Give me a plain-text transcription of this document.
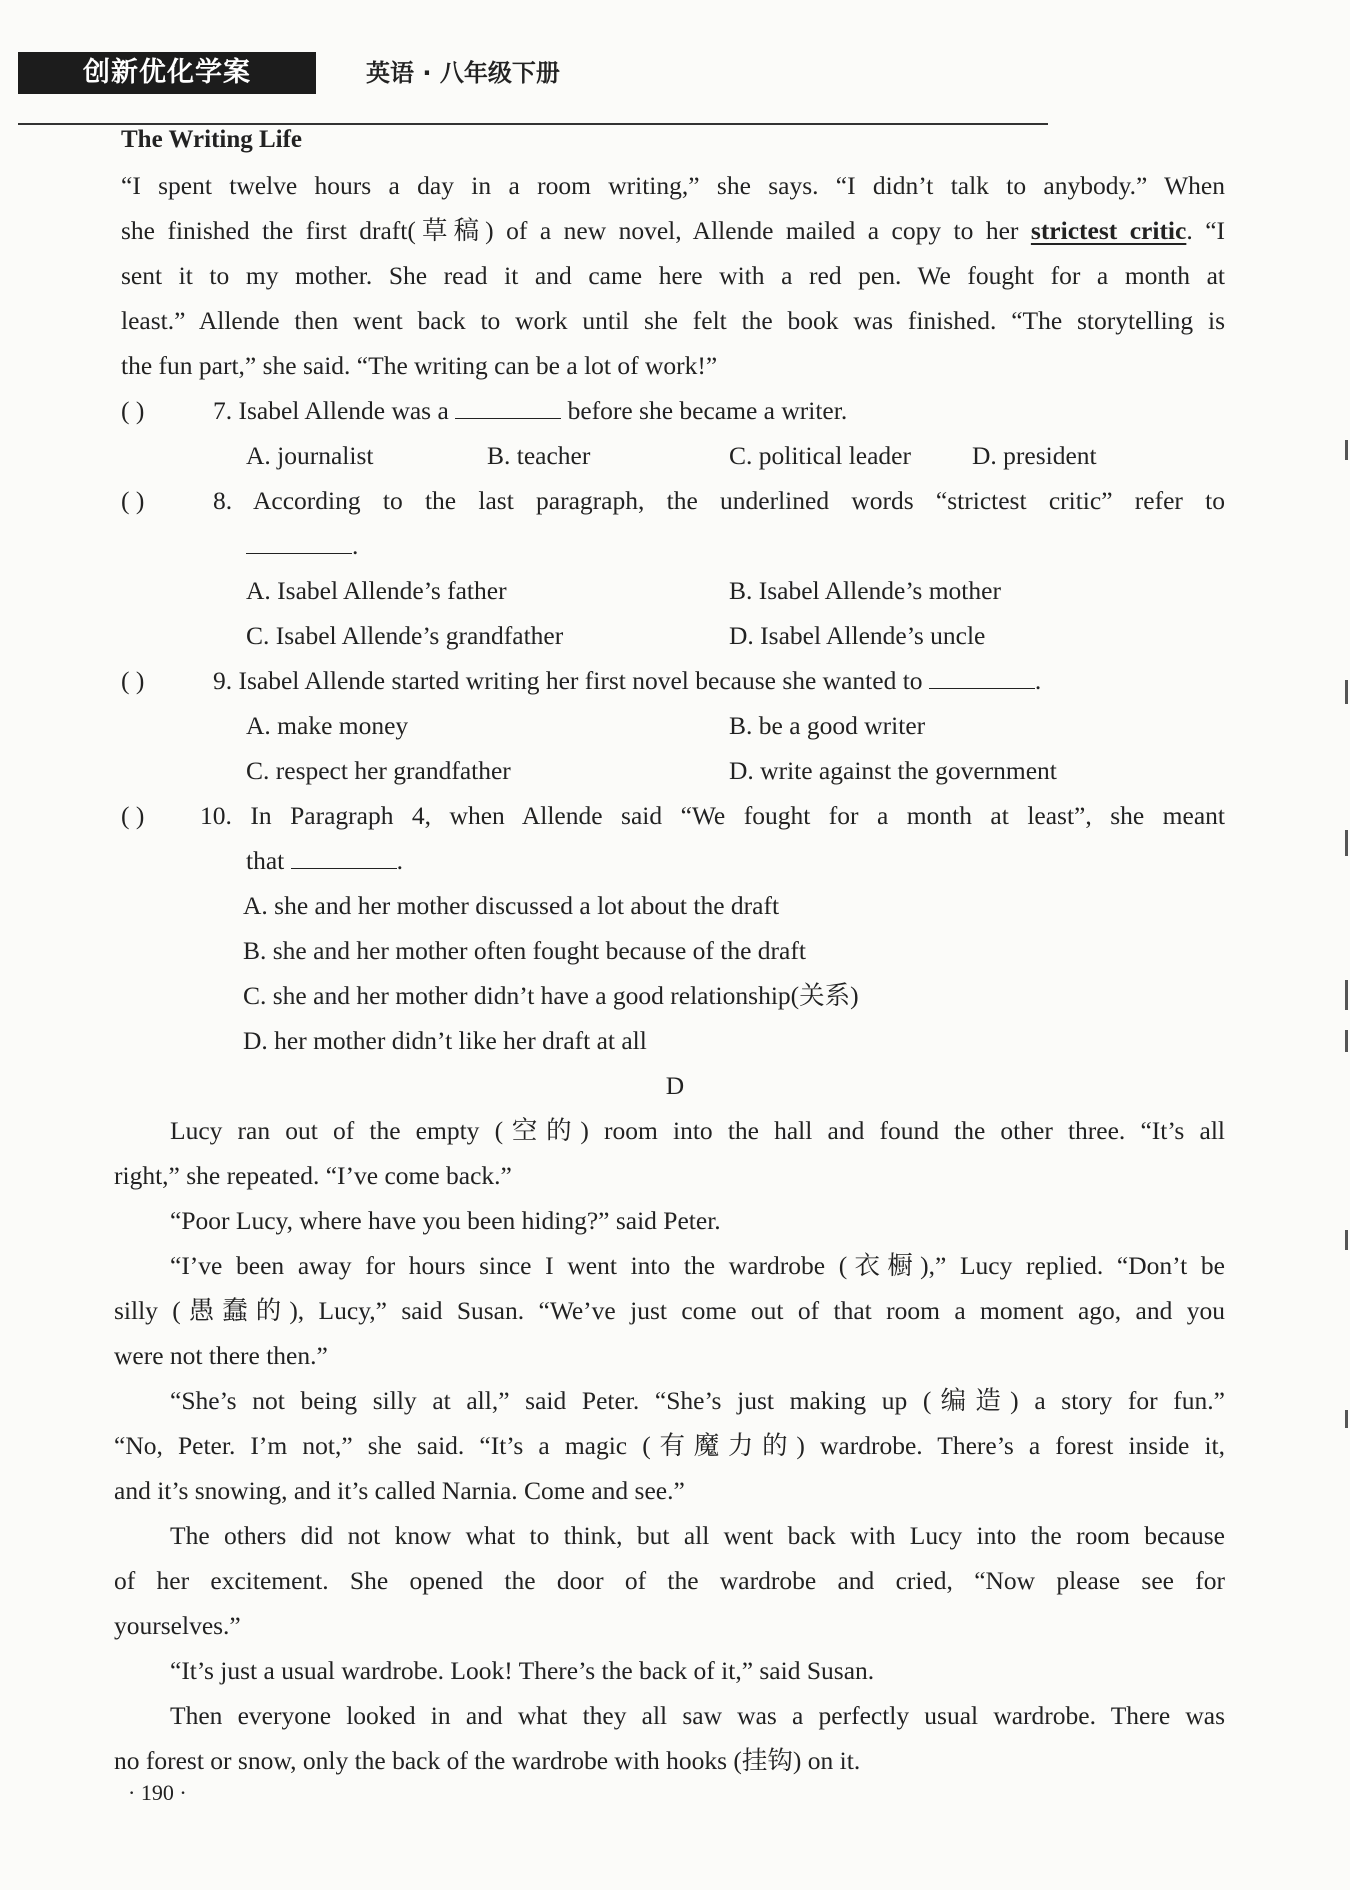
创新优化学案	英语 · 八年级下册
The Writing Life
“I spent twelve hours a day in a room writing,” she says. “I didn’t talk to anybody.” When
she finished the first draft(草稿) of a new novel, Allende mailed a copy to her strictest critic. “I
sent it to my mother. She read it and came here with a red pen. We fought for a month at
least.” Allende then went back to work until she felt the book was finished. “The storytelling is
the fun part,” she said. “The writing can be a lot of work!”
( )	7. Isabel Allende was a	before she became a writer.
A. journalist	B. teacher	C. political leader D. president
( )	8. According to the last paragraph, the underlined words “strictest critic” refer to
.
A. Isabel Allende’s father	B. Isabel Allende’s mother
C. Isabel Allende’s grandfather	D. Isabel Allende’s uncle
( )	9. Isabel Allende started writing her first novel because she wanted to	.
A. make money	B. be a good writer
C. respect her grandfather	D. write against the government
( ) 10. In Paragraph 4, when Allende said “We fought for a month at least”, she meant
that	.
A. she and her mother discussed a lot about the draft
B. she and her mother often fought because of the draft
C. she and her mother didn’t have a good relationship(关系)
D. her mother didn’t like her draft at all
D
Lucy ran out of the empty (空的) room into the hall and found the other three. “It’s all
right,” she repeated. “I’ve come back.”
“Poor Lucy, where have you been hiding?” said Peter.
“I’ve been away for hours since I went into the wardrobe (衣橱),” Lucy replied. “Don’t be
silly (愚蠢的), Lucy,” said Susan. “We’ve just come out of that room a moment ago, and you
were not there then.”
“She’s not being silly at all,” said Peter. “She’s just making up (编造) a story for fun.”
“No, Peter. I’m not,” she said. “It’s a magic (有魔力的) wardrobe. There’s a forest inside it,
and it’s snowing, and it’s called Narnia. Come and see.”
The others did not know what to think, but all went back with Lucy into the room because
of her excitement. She opened the door of the wardrobe and cried, “Now please see for
yourselves.”
“It’s just a usual wardrobe. Look! There’s the back of it,” said Susan.
Then everyone looked in and what they all saw was a perfectly usual wardrobe. There was
no forest or snow, only the back of the wardrobe with hooks (挂钩) on it.
· 190 ·
